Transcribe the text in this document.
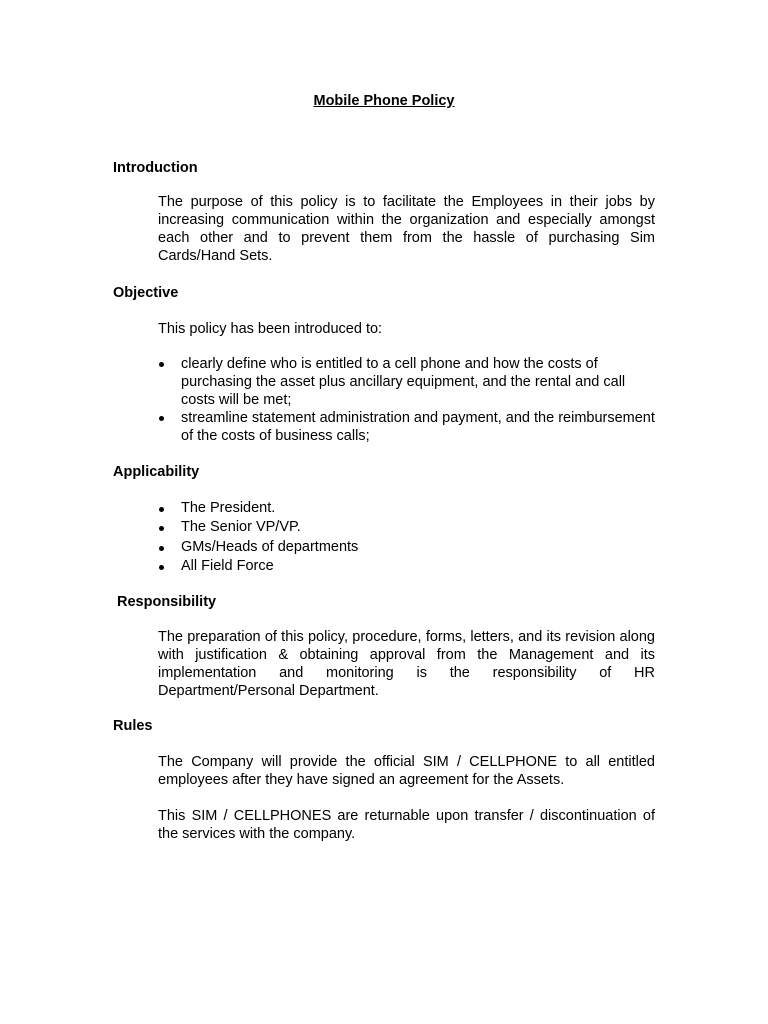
Mobile Phone Policy
Introduction

The purpose of this policy is to facilitate the Employees in their jobs by increasing communication within the organization and especially amongst each other and to prevent them from the hassle of purchasing Sim Cards/Hand Sets.

Objective

This policy has been introduced to:

clearly define who is entitled to a cell phone and how the costs of purchasing the asset plus ancillary equipment, and the rental and call costs will be met;
streamline statement administration and payment, and the reimbursement of the costs of business calls;
Applicability
The President.
The Senior VP/VP.
GMs/Heads of departments
All Field Force
Responsibility

The preparation of this policy, procedure, forms, letters, and its revision along with justification & obtaining approval from the Management and its implementation and monitoring is the responsibility of HR Department/Personal Department.

Rules

The Company will provide the official SIM / CELLPHONE to all entitled employees after they have signed an agreement for the Assets.

This SIM / CELLPHONES are returnable upon transfer / discontinuation of the services with the company.
